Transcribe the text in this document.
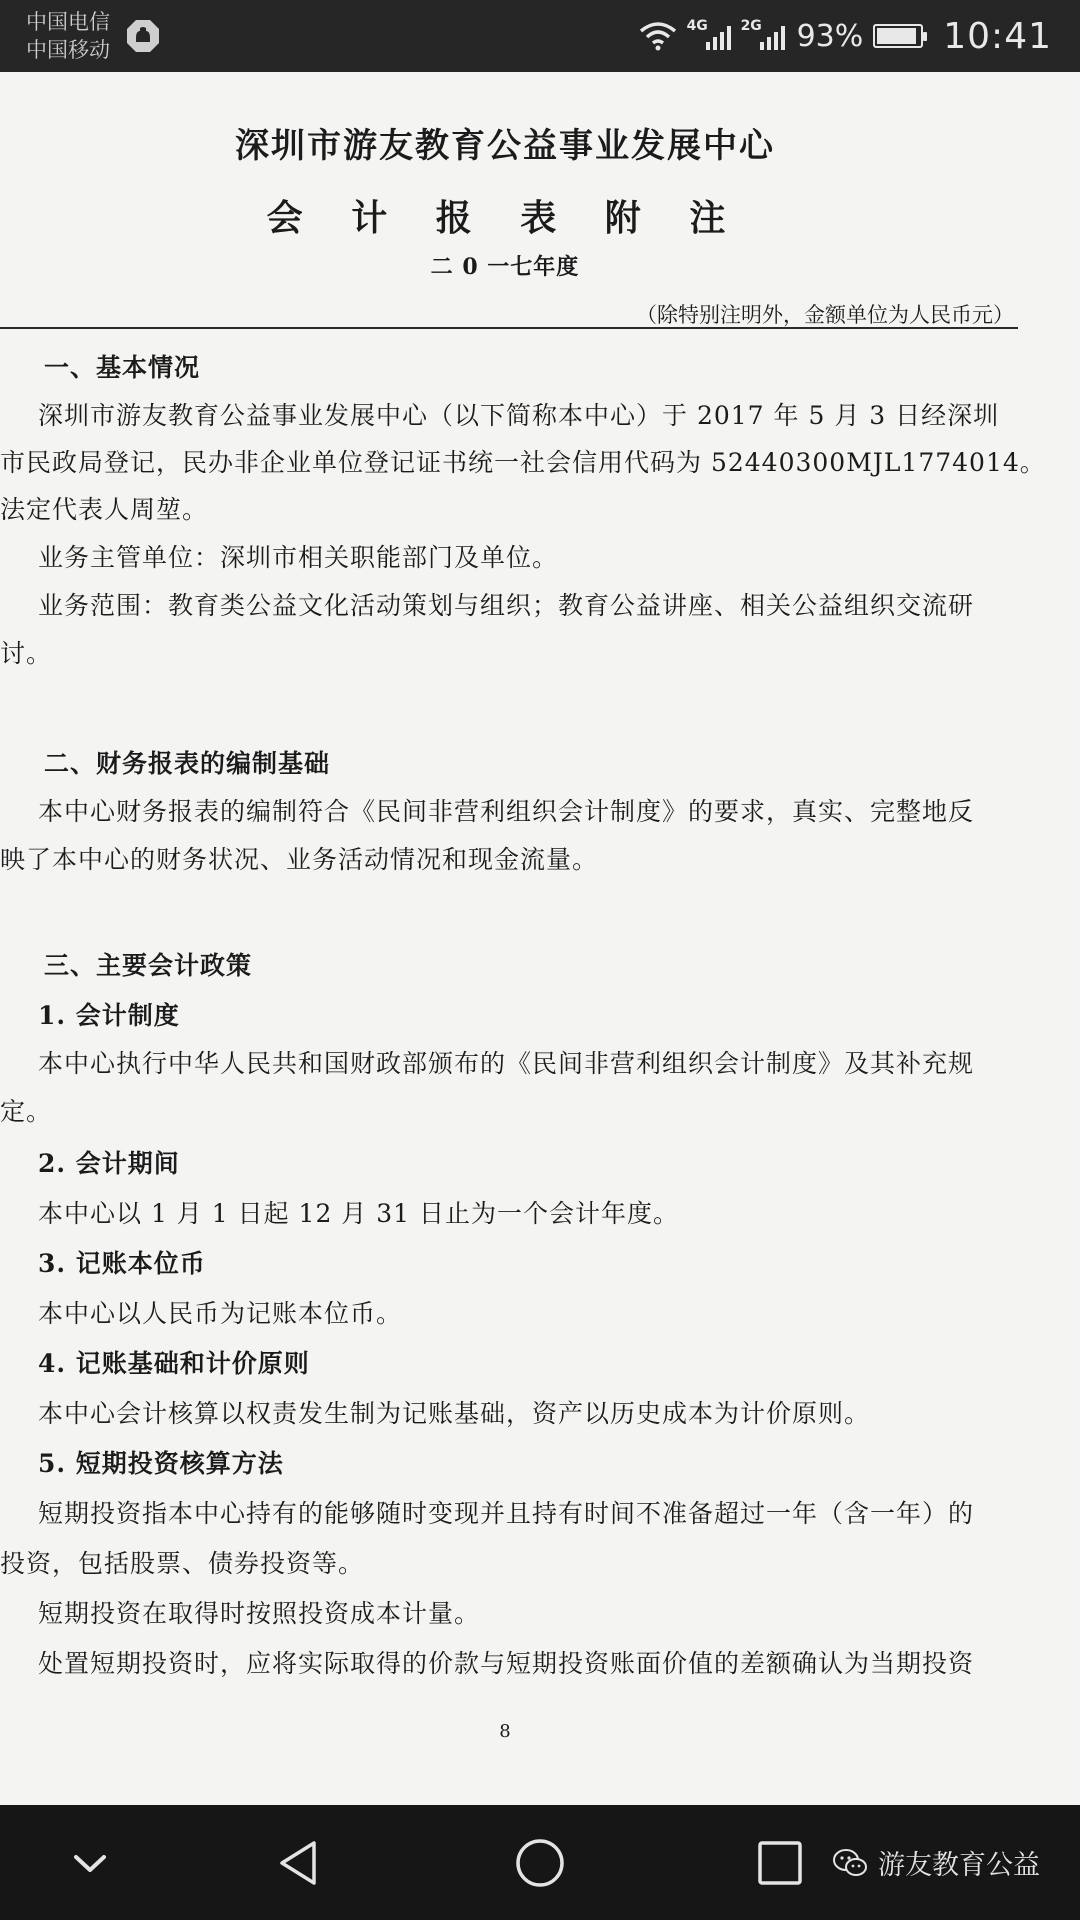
中国电信
中国移动
4G 2G 93% 10:41
深圳市游友教育公益事业发展中心
会 计 报 表 附 注
二 0 一七年度
（除特别注明外，金额单位为人民币元）
一、基本情况
深圳市游友教育公益事业发展中心（以下简称本中心）于 2017 年 5 月 3 日经深圳
市民政局登记，民办非企业单位登记证书统一社会信用代码为 52440300MJL1774014。
法定代表人周堃。
业务主管单位：深圳市相关职能部门及单位。
业务范围：教育类公益文化活动策划与组织；教育公益讲座、相关公益组织交流研
讨。
二、财务报表的编制基础
本中心财务报表的编制符合《民间非营利组织会计制度》的要求，真实、完整地反
映了本中心的财务状况、业务活动情况和现金流量。
三、主要会计政策
1. 会计制度
本中心执行中华人民共和国财政部颁布的《民间非营利组织会计制度》及其补充规
定。
2. 会计期间
本中心以 1 月 1 日起 12 月 31 日止为一个会计年度。
3. 记账本位币
本中心以人民币为记账本位币。
4. 记账基础和计价原则
本中心会计核算以权责发生制为记账基础，资产以历史成本为计价原则。
5. 短期投资核算方法
短期投资指本中心持有的能够随时变现并且持有时间不准备超过一年（含一年）的
投资，包括股票、债券投资等。
短期投资在取得时按照投资成本计量。
处置短期投资时，应将实际取得的价款与短期投资账面价值的差额确认为当期投资
8
游友教育公益
